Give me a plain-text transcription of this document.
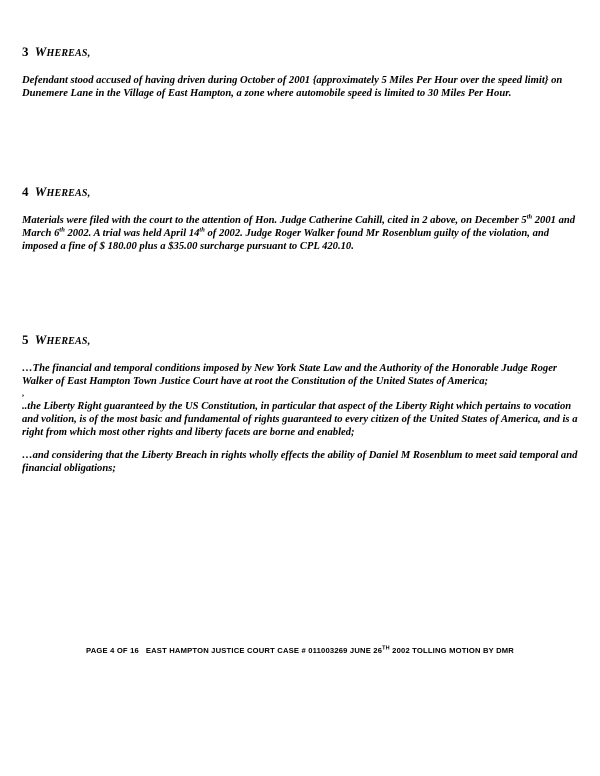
3 WHEREAS,

Defendant stood accused of having driven during October of 2001 {approximately 5 Miles Per Hour over the speed limit} on Dunemere Lane in the Village of East Hampton, a zone where automobile speed is limited to 30 Miles Per Hour.

4 WHEREAS,

Materials were filed with the court to the attention of Hon. Judge Catherine Cahill, cited in 2 above, on December 5th 2001 and March 6th 2002. A trial was held April 14th of 2002. Judge Roger Walker found Mr Rosenblum guilty of the violation, and imposed a fine of $ 180.00 plus a $35.00 surcharge pursuant to CPL 420.10.

5 WHEREAS,

…The financial and temporal conditions imposed by New York State Law and the Authority of the Honorable Judge Roger Walker of East Hampton Town Justice Court have at root the Constitution of the United States of America;

,

..the Liberty Right guaranteed by the US Constitution, in particular that aspect of the Liberty Right which pertains to vocation and volition, is of the most basic and fundamental of rights guaranteed to every citizen of the United States of America, and is a right from which most other rights and liberty facets are borne and enabled;

…and considering that the Liberty Breach in rights wholly effects the ability of Daniel M Rosenblum to meet said temporal and financial obligations;

PAGE 4 OF 16 EAST HAMPTON JUSTICE COURT CASE # 011003269 JUNE 26TH 2002 TOLLING MOTION BY DMR
